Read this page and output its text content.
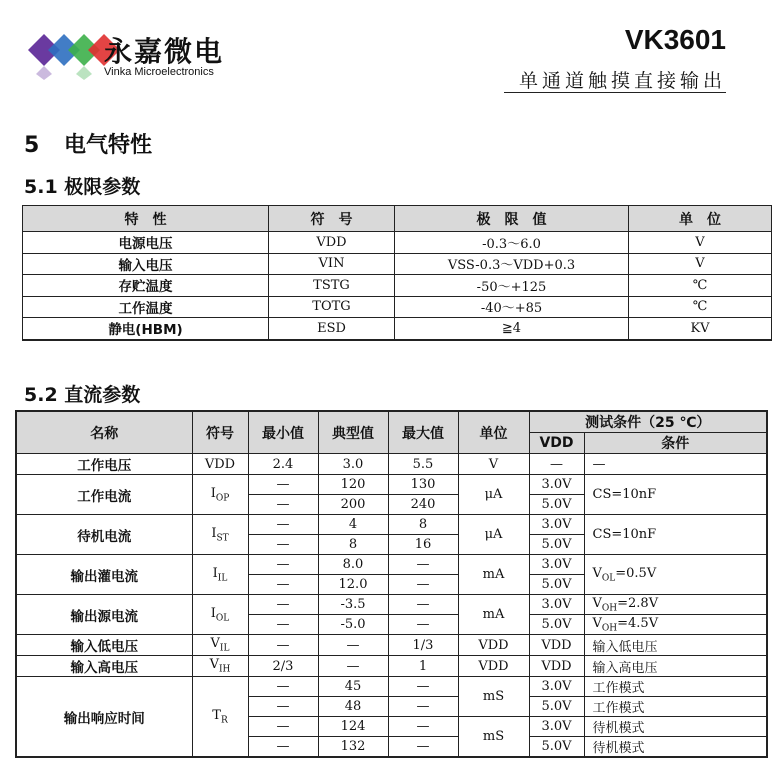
永嘉微电
Vinka Microelectronics
VK3601
单通道触摸直接输出
5 电气特性
5.1 极限参数
5.2 直流参数
特　性	符　号	极　限　值	单　位
电源电压	VDD	-0.3～6.0	V
输入电压	VIN	VSS-0.3～VDD+0.3	V
存贮温度	TSTG	-50～+125	℃
工作温度	TOTG	-40～+85	℃
静电(HBM)	ESD	≧4	KV
名称	符号	最小值	典型值	最大值	单位	测试条件（25 ℃）	
						VDD	条件
工作电压	VDD	2.4	3.0	5.5	V	—	—
工作电流	$I_{OP}$	—	120	130	μA	3.0V	CS=10nF
		—	200	240		5.0V	
待机电流	$I_{ST}$	—	4	8	μA	3.0V	CS=10nF
		—	8	16		5.0V	
输出灌电流	$I_{IL}$	—	8.0	—	mA	3.0V	$V_{OL}=0.5V$
		—	12.0	—		5.0V	
输出源电流	$I_{OL}$	—	-3.5	—	mA	3.0V	$V_{OH}=2.8V$
		—	-5.0	—		5.0V	$V_{OH}=4.5V$
输入低电压	$V_{IL}$	—	—	1/3	VDD	VDD	输入低电压
输入高电压	$V_{IH}$	2/3	—	1	VDD	VDD	输入高电压
输出响应时间	$T_R$	—	45	—	mS	3.0V	工作模式
		—	48	—		5.0V	工作模式
		—	124	—	mS	3.0V	待机模式
		—	132	—		5.0V	待机模式
